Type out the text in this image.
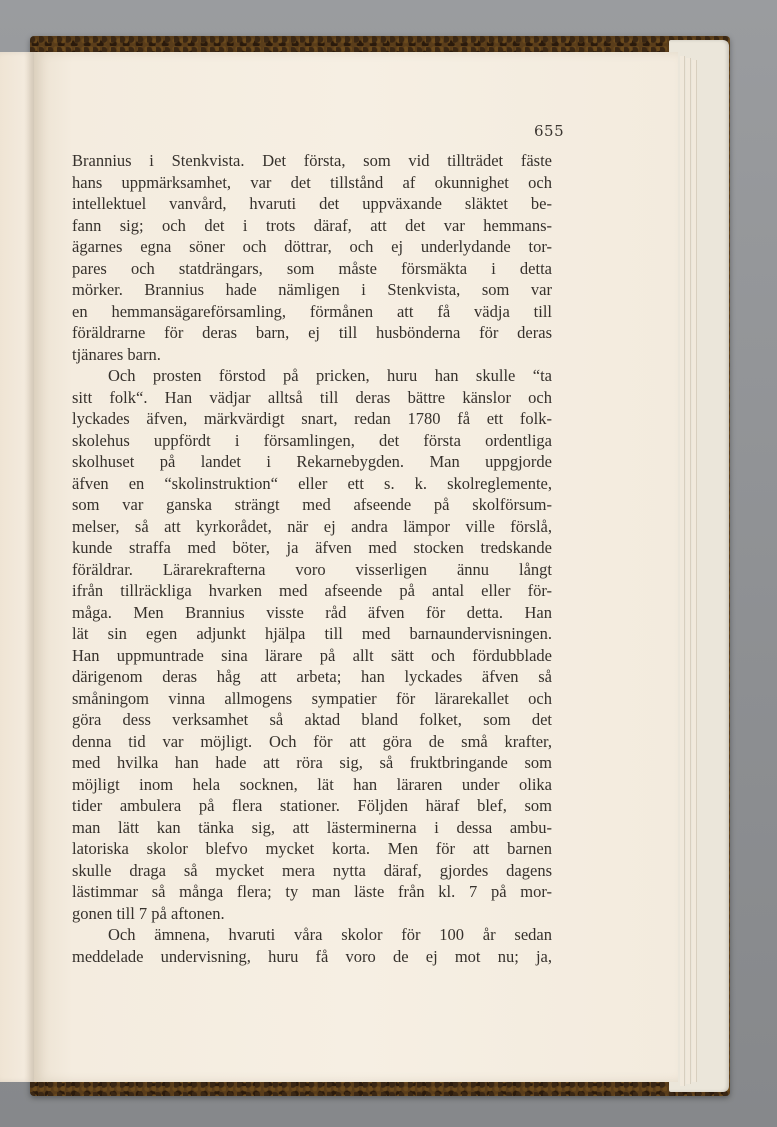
655
Brannius i Stenkvista. Det första, som vid tillträdet fäste
hans uppmärksamhet, var det tillstånd af okunnighet och
intellektuel vanvård, hvaruti det uppväxande släktet be-
fann sig; och det i trots däraf, att det var hemmans-
ägarnes egna söner och döttrar, och ej underlydande tor-
pares och statdrängars, som måste försmäkta i detta
mörker. Brannius hade nämligen i Stenkvista, som var
en hemmansägareförsamling, förmånen att få vädja till
föräldrarne för deras barn, ej till husbönderna för deras
tjänares barn.
Och prosten förstod på pricken, huru han skulle “ta
sitt folk“. Han vädjar alltså till deras bättre känslor och
lyckades äfven, märkvärdigt snart, redan 1780 få ett folk-
skolehus uppfördt i församlingen, det första ordentliga
skolhuset på landet i Rekarnebygden. Man uppgjorde
äfven en “skolinstruktion“ eller ett s. k. skolreglemente,
som var ganska strängt med afseende på skolförsum-
melser, så att kyrkorådet, när ej andra lämpor ville förslå,
kunde straffa med böter, ja äfven med stocken tredskande
föräldrar. Lärarekrafterna voro visserligen ännu långt
ifrån tillräckliga hvarken med afseende på antal eller för-
måga. Men Brannius visste råd äfven för detta. Han
lät sin egen adjunkt hjälpa till med barnaundervisningen.
Han uppmuntrade sina lärare på allt sätt och fördubblade
därigenom deras håg att arbeta; han lyckades äfven så
småningom vinna allmogens sympatier för lärarekallet och
göra dess verksamhet så aktad bland folket, som det
denna tid var möjligt. Och för att göra de små krafter,
med hvilka han hade att röra sig, så fruktbringande som
möjligt inom hela socknen, lät han läraren under olika
tider ambulera på flera stationer. Följden häraf blef, som
man lätt kan tänka sig, att lästerminerna i dessa ambu-
latoriska skolor blefvo mycket korta. Men för att barnen
skulle draga så mycket mera nytta däraf, gjordes dagens
lästimmar så många flera; ty man läste från kl. 7 på mor-
gonen till 7 på aftonen.
Och ämnena, hvaruti våra skolor för 100 år sedan
meddelade undervisning, huru få voro de ej mot nu; ja,
